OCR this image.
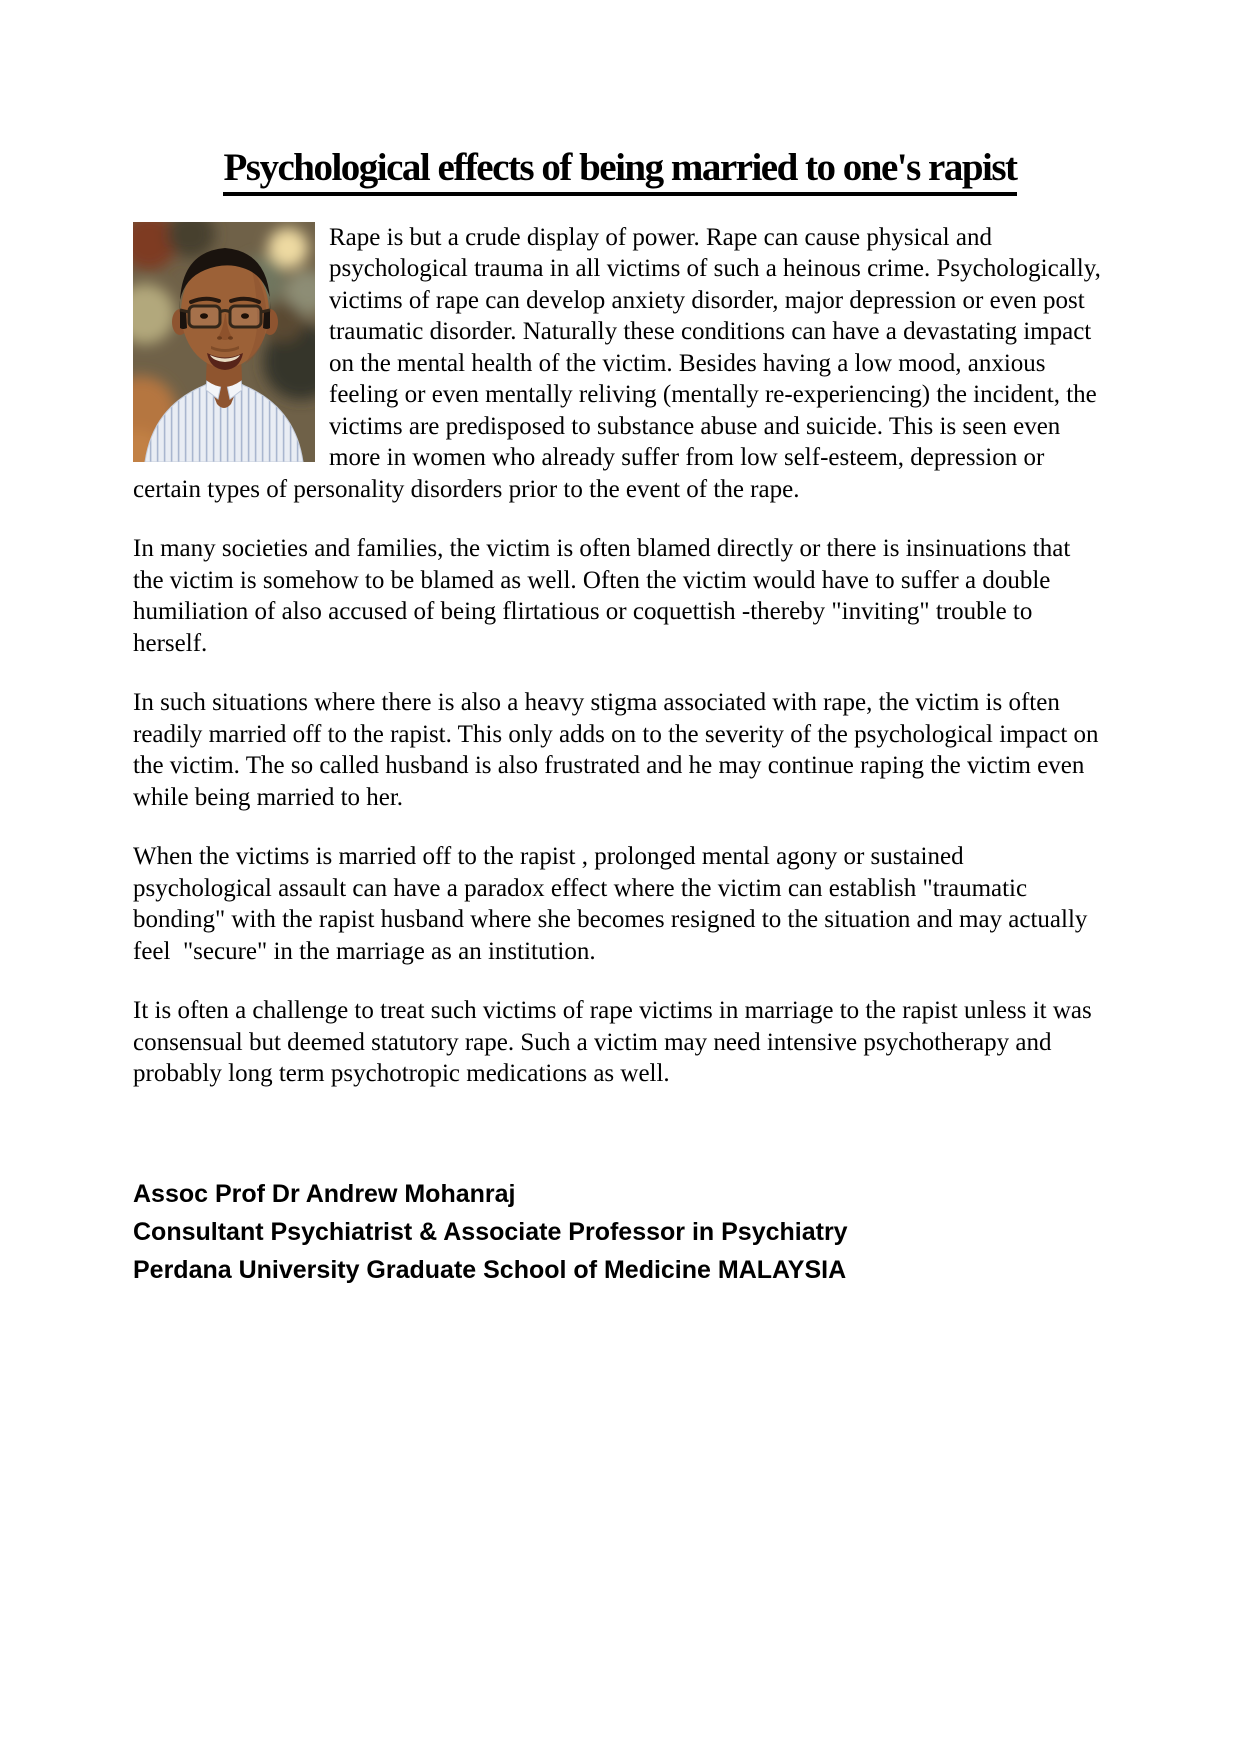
Psychological effects of being married to one's rapist

Rape is but a crude display of power. Rape can cause physical and psychological trauma in all victims of such a heinous crime. Psychologically, victims of rape can develop anxiety disorder, major depression or even post traumatic disorder. Naturally these conditions can have a devastating impact on the mental health of the victim. Besides having a low mood, anxious feeling or even mentally reliving (mentally re-experiencing) the incident, the victims are predisposed to substance abuse and suicide. This is seen even more in women who already suffer from low self-esteem, depression or certain types of personality disorders prior to the event of the rape.

In many societies and families, the victim is often blamed directly or there is insinuations that the victim is somehow to be blamed as well. Often the victim would have to suffer a double humiliation of also accused of being flirtatious or coquettish -thereby "inviting" trouble to herself.

In such situations where there is also a heavy stigma associated with rape, the victim is often readily married off to the rapist. This only adds on to the severity of the psychological impact on the victim. The so called husband is also frustrated and he may continue raping the victim even while being married to her.

When the victims is married off to the rapist , prolonged mental agony or sustained psychological assault can have a paradox effect where the victim can establish "traumatic bonding" with the rapist husband where she becomes resigned to the situation and may actually feel  "secure" in the marriage as an institution.

It is often a challenge to treat such victims of rape victims in marriage to the rapist unless it was consensual but deemed statutory rape. Such a victim may need intensive psychotherapy and probably long term psychotropic medications as well.

Assoc Prof Dr Andrew Mohanraj
Consultant Psychiatrist & Associate Professor in Psychiatry
Perdana University Graduate School of Medicine MALAYSIA
